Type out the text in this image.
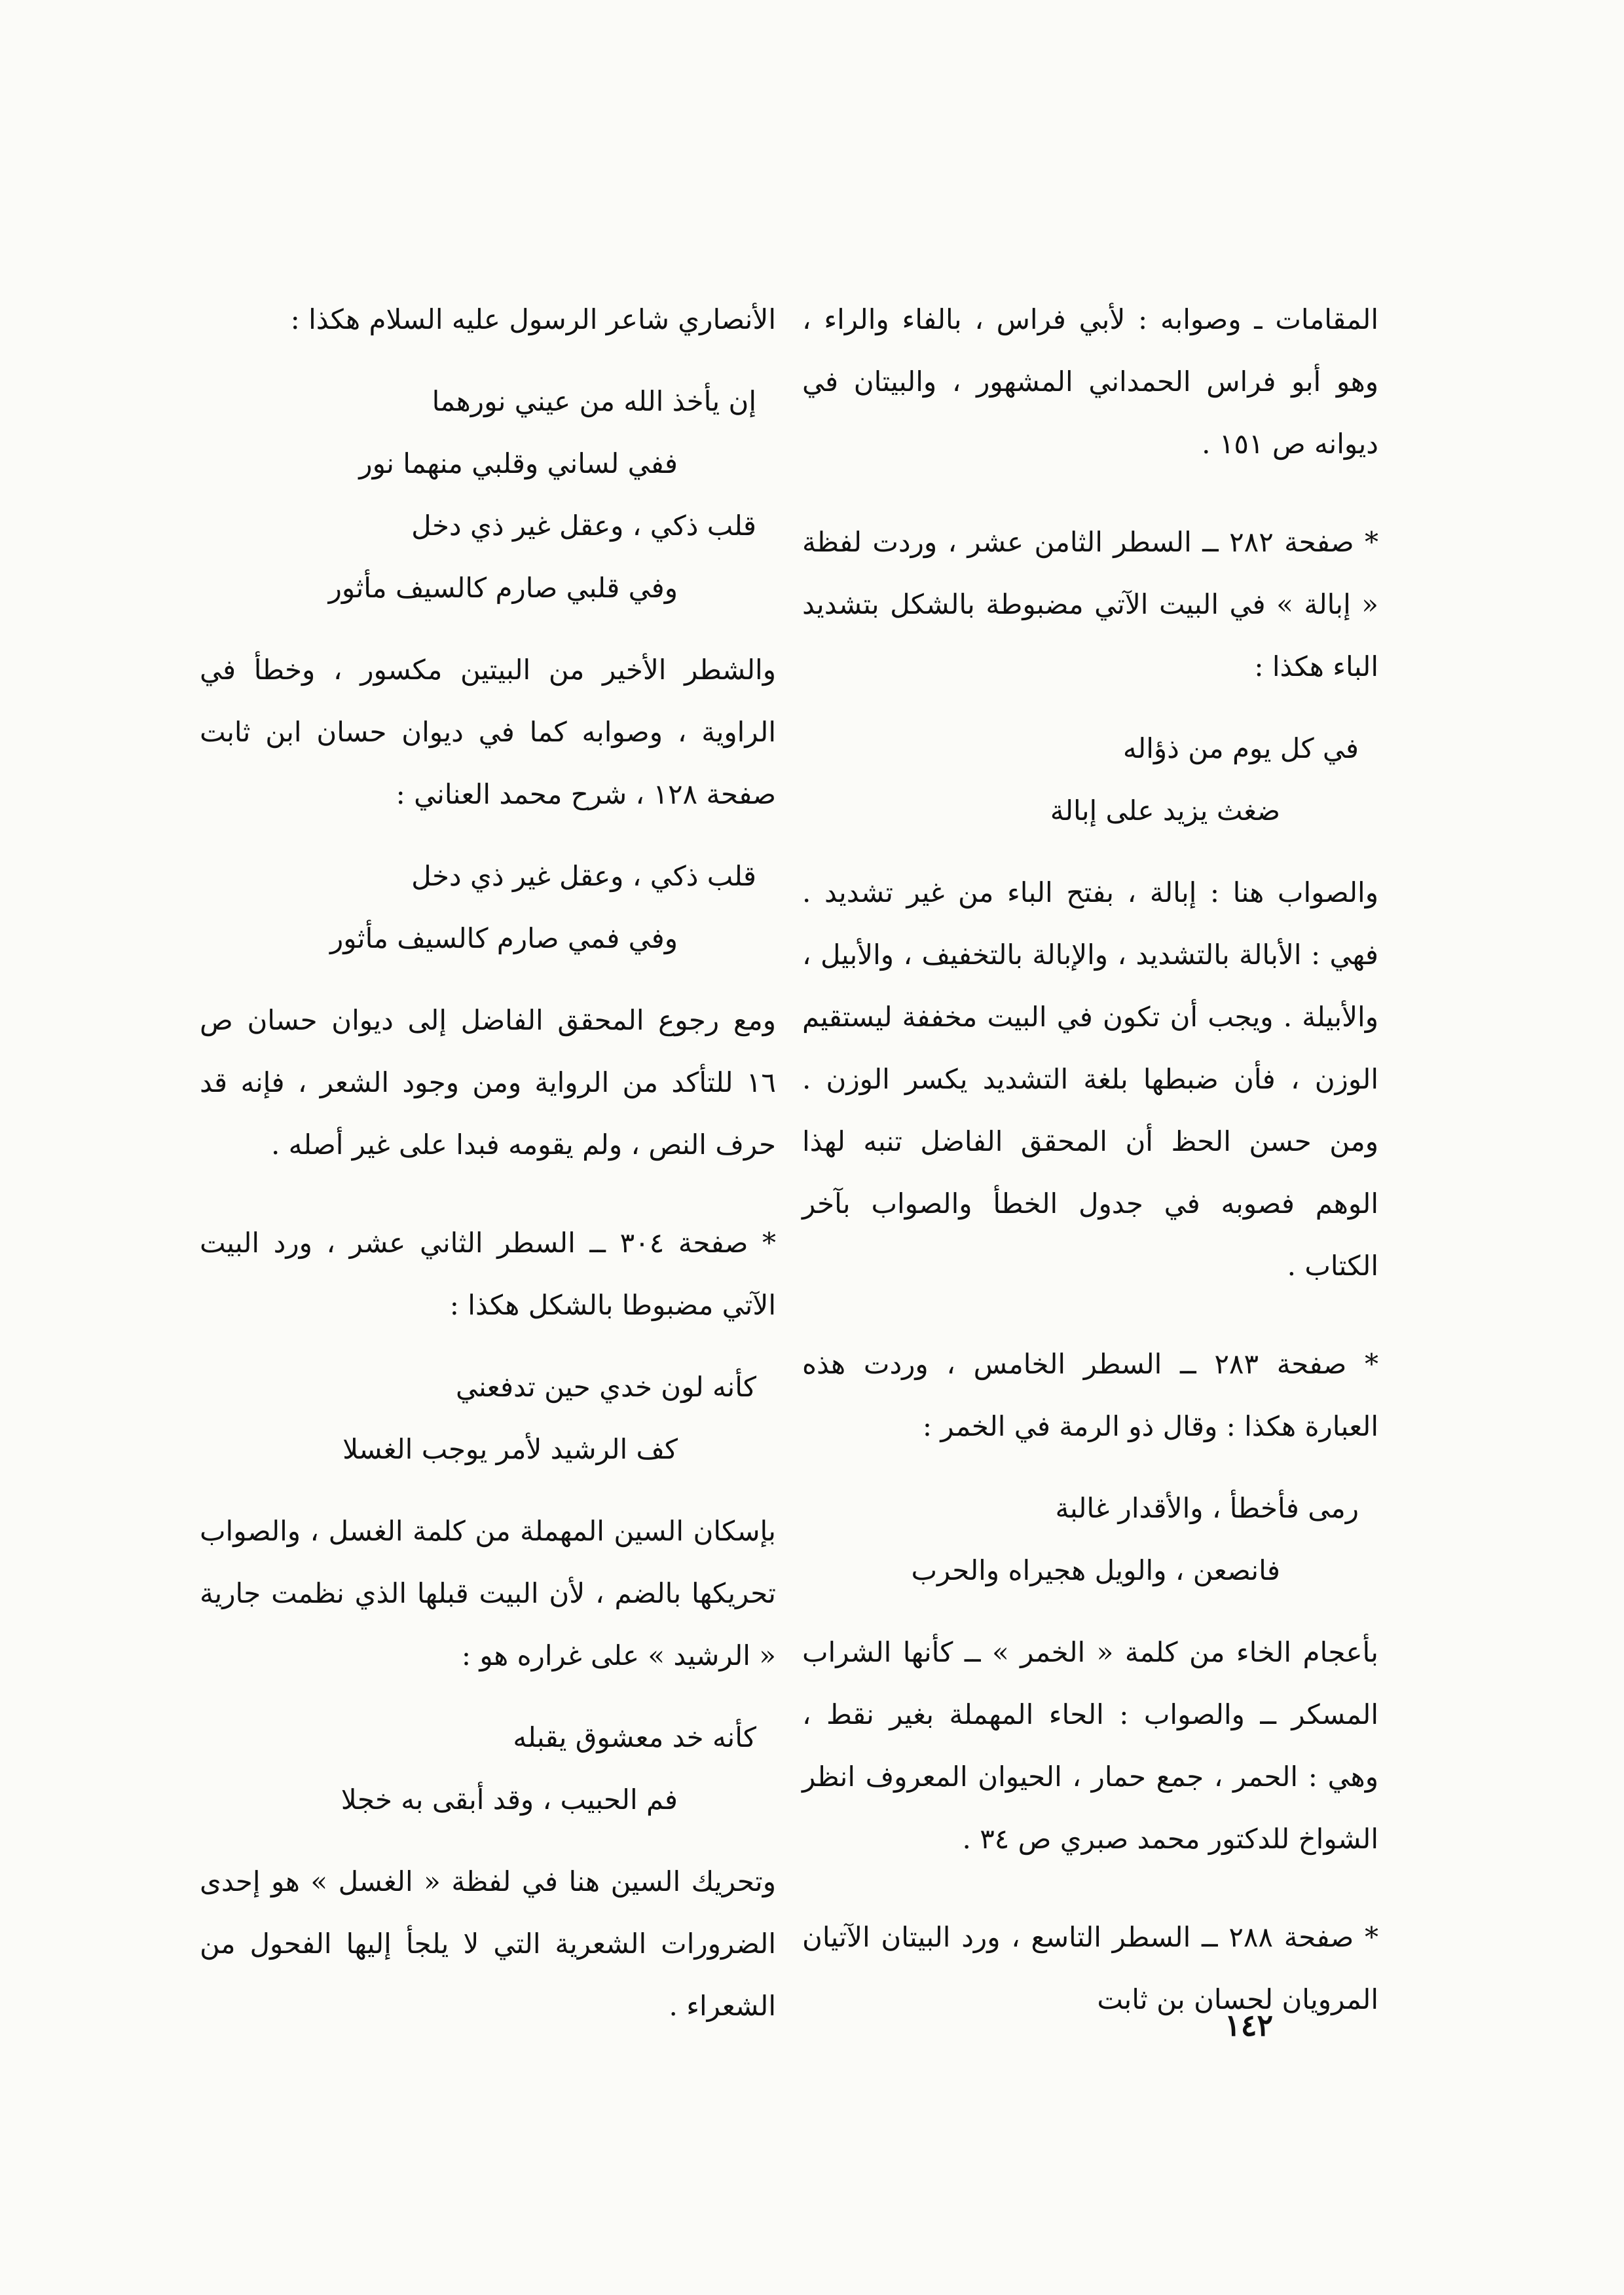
المقامات ـ وصوابه : لأبي فراس ، بالفاء والراء ، وهو أبو فراس الحمداني المشهور ، والبيتان في ديوانه ص ١٥١ .

* صفحة ٢٨٢ ــ السطر الثامن عشر ، وردت لفظة « إبالة » في البيت الآتي مضبوطة بالشكل بتشديد الباء هكذا :

في كل يوم من ذؤاله
ضغث يزيد على إبالة

والصواب هنا : إبالة ، بفتح الباء من غير تشديد . فهي : الأبالة بالتشديد ، والإبالة بالتخفيف ، والأبيل ، والأبيلة . ويجب أن تكون في البيت مخففة ليستقيم الوزن ، فأن ضبطها بلغة التشديد يكسر الوزن . ومن حسن الحظ أن المحقق الفاضل تنبه لهذا الوهم فصوبه في جدول الخطأ والصواب بآخر الكتاب .

* صفحة ٢٨٣ ــ السطر الخامس ، وردت هذه العبارة هكذا : وقال ذو الرمة في الخمر :

رمى فأخطأ ، والأقدار غالبة
فانصعن ، والويل هجيراه والحرب

بأعجام الخاء من كلمة « الخمر » ــ كأنها الشراب المسكر ــ والصواب : الحاء المهملة بغير نقط ، وهي : الحمر ، جمع حمار ، الحيوان المعروف انظر الشواخ للدكتور محمد صبري ص ٣٤ .

* صفحة ٢٨٨ ــ السطر التاسع ، ورد البيتان الآتيان المرويان لحسان بن ثابت

الأنصاري شاعر الرسول عليه السلام هكذا :

إن يأخذ الله من عيني نورهما
ففي لساني وقلبي منهما نور
قلب ذكي ، وعقل غير ذي دخل
وفي قلبي صارم كالسيف مأثور

والشطر الأخير من البيتين مكسور ، وخطأ في الراوية ، وصوابه كما في ديوان حسان ابن ثابت صفحة ١٢٨ ، شرح محمد العناني :

قلب ذكي ، وعقل غير ذي دخل
وفي فمي صارم كالسيف مأثور

ومع رجوع المحقق الفاضل إلى ديوان حسان ص ١٦ للتأكد من الرواية ومن وجود الشعر ، فإنه قد حرف النص ، ولم يقومه فبدا على غير أصله .

* صفحة ٣٠٤ ــ السطر الثاني عشر ، ورد البيت الآتي مضبوطا بالشكل هكذا :

كأنه لون خدي حين تدفعني
كف الرشيد لأمر يوجب الغسلا

بإسكان السين المهملة من كلمة الغسل ، والصواب تحريكها بالضم ، لأن البيت قبلها الذي نظمت جارية « الرشيد » على غراره هو :

كأنه خد معشوق يقبله
فم الحبيب ، وقد أبقى به خجلا

وتحريك السين هنا في لفظة « الغسل » هو إحدى الضرورات الشعرية التي لا يلجأ إليها الفحول من الشعراء .

١٤٢
